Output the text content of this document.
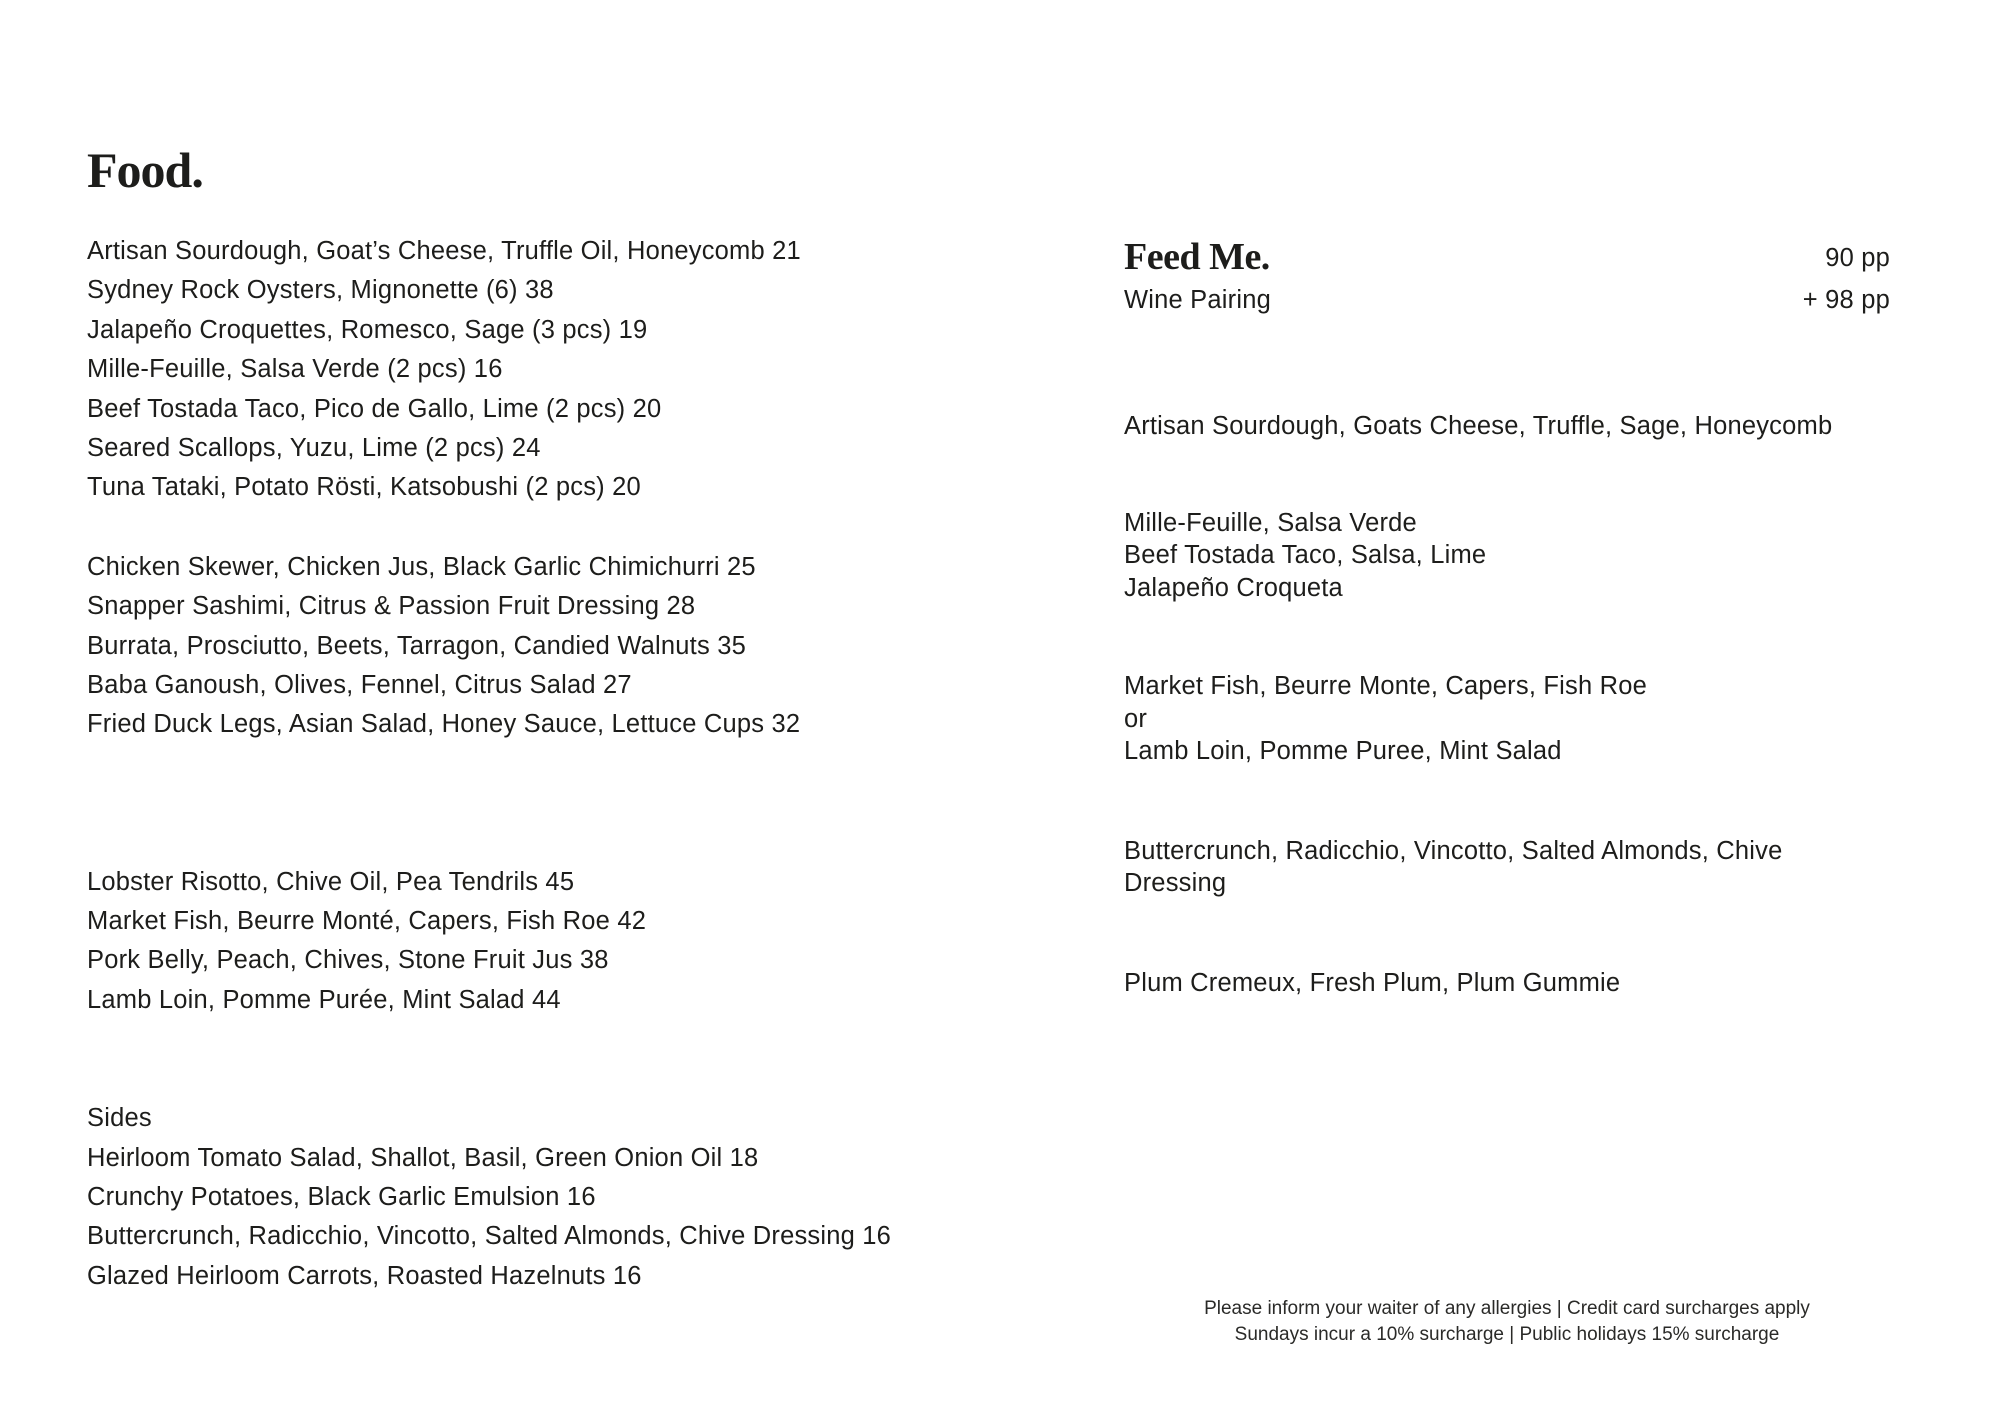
Food.
Artisan Sourdough, Goat’s Cheese, Truffle Oil, Honeycomb 21
Sydney Rock Oysters, Mignonette (6) 38
Jalapeño Croquettes, Romesco, Sage (3 pcs) 19
Mille-Feuille, Salsa Verde (2 pcs) 16
Beef Tostada Taco, Pico de Gallo, Lime (2 pcs) 20
Seared Scallops, Yuzu, Lime (2 pcs) 24
Tuna Tataki, Potato Rösti, Katsobushi (2 pcs) 20
Chicken Skewer, Chicken Jus, Black Garlic Chimichurri 25
Snapper Sashimi, Citrus & Passion Fruit Dressing 28
Burrata, Prosciutto, Beets, Tarragon, Candied Walnuts 35
Baba Ganoush, Olives, Fennel, Citrus Salad 27
Fried Duck Legs, Asian Salad, Honey Sauce, Lettuce Cups 32
Lobster Risotto, Chive Oil, Pea Tendrils 45
Market Fish, Beurre Monté, Capers, Fish Roe 42
Pork Belly, Peach, Chives, Stone Fruit Jus 38
Lamb Loin, Pomme Purée, Mint Salad 44
Sides
Heirloom Tomato Salad, Shallot, Basil, Green Onion Oil 18
Crunchy Potatoes, Black Garlic Emulsion 16
Buttercrunch, Radicchio, Vincotto, Salted Almonds, Chive Dressing 16
Glazed Heirloom Carrots, Roasted Hazelnuts 16
Feed Me.	90 pp
Wine Pairing	+ 98 pp
Artisan Sourdough, Goats Cheese, Truffle, Sage, Honeycomb
Mille-Feuille, Salsa Verde
Beef Tostada Taco, Salsa, Lime
Jalapeño Croqueta
Market Fish, Beurre Monte, Capers, Fish Roe
or
Lamb Loin, Pomme Puree, Mint Salad
Buttercrunch, Radicchio, Vincotto, Salted Almonds, Chive Dressing
Plum Cremeux, Fresh Plum, Plum Gummie
Please inform your waiter of any allergies | Credit card surcharges apply
Sundays incur a 10% surcharge | Public holidays 15% surcharge
